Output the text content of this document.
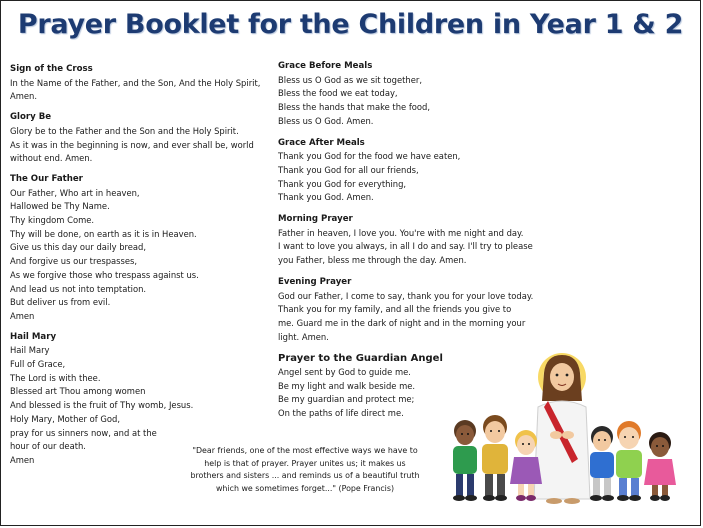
Prayer Booklet for the Children in Year 1 & 2

Sign of the Cross

In the Name of the Father, and the Son, And the Holy Spirit,

Amen.

Glory Be

Glory be to the Father and the Son and the Holy Spirit.

As it was in the beginning is now, and ever shall be, world

without end. Amen.

The Our Father

Our Father, Who art in heaven,

Hallowed be Thy Name.

Thy kingdom Come.

Thy will be done, on earth as it is in Heaven.

Give us this day our daily bread,

And forgive us our trespasses,

As we forgive those who trespass against us.

And lead us not into temptation.

But deliver us from evil.

Amen

Hail Mary

Hail Mary

Full of Grace,

The Lord is with thee.

Blessed art Thou among women

And blessed is the fruit of Thy womb, Jesus.

Holy Mary, Mother of God,

pray for us sinners now, and at the

hour of our death.

Amen

Grace Before Meals

Bless us O God as we sit together,

Bless the food we eat today,

Bless the hands that make the food,

Bless us O God. Amen.

Grace After Meals

Thank you God for the food we have eaten,

Thank you God for all our friends,

Thank you God for everything,

Thank you God. Amen.

Morning Prayer

Father in heaven, I love you. You're with me night and day.

I want to love you always, in all I do and say. I'll try to please

you Father, bless me through the day. Amen.

Evening Prayer

God our Father, I come to say, thank you for your love today.

Thank you for my family, and all the friends you give to

me. Guard me in the dark of night and in the morning your

light. Amen.

Prayer to the Guardian Angel

Angel sent by God to guide me.

Be my light and walk beside me.

Be my guardian and protect me;

On the paths of life direct me.

"Dear friends, one of the most effective ways we have to

help is that of prayer. Prayer unites us; it makes us

brothers and sisters ... and reminds us of a beautiful truth

which we sometimes forget..." (Pope Francis)
